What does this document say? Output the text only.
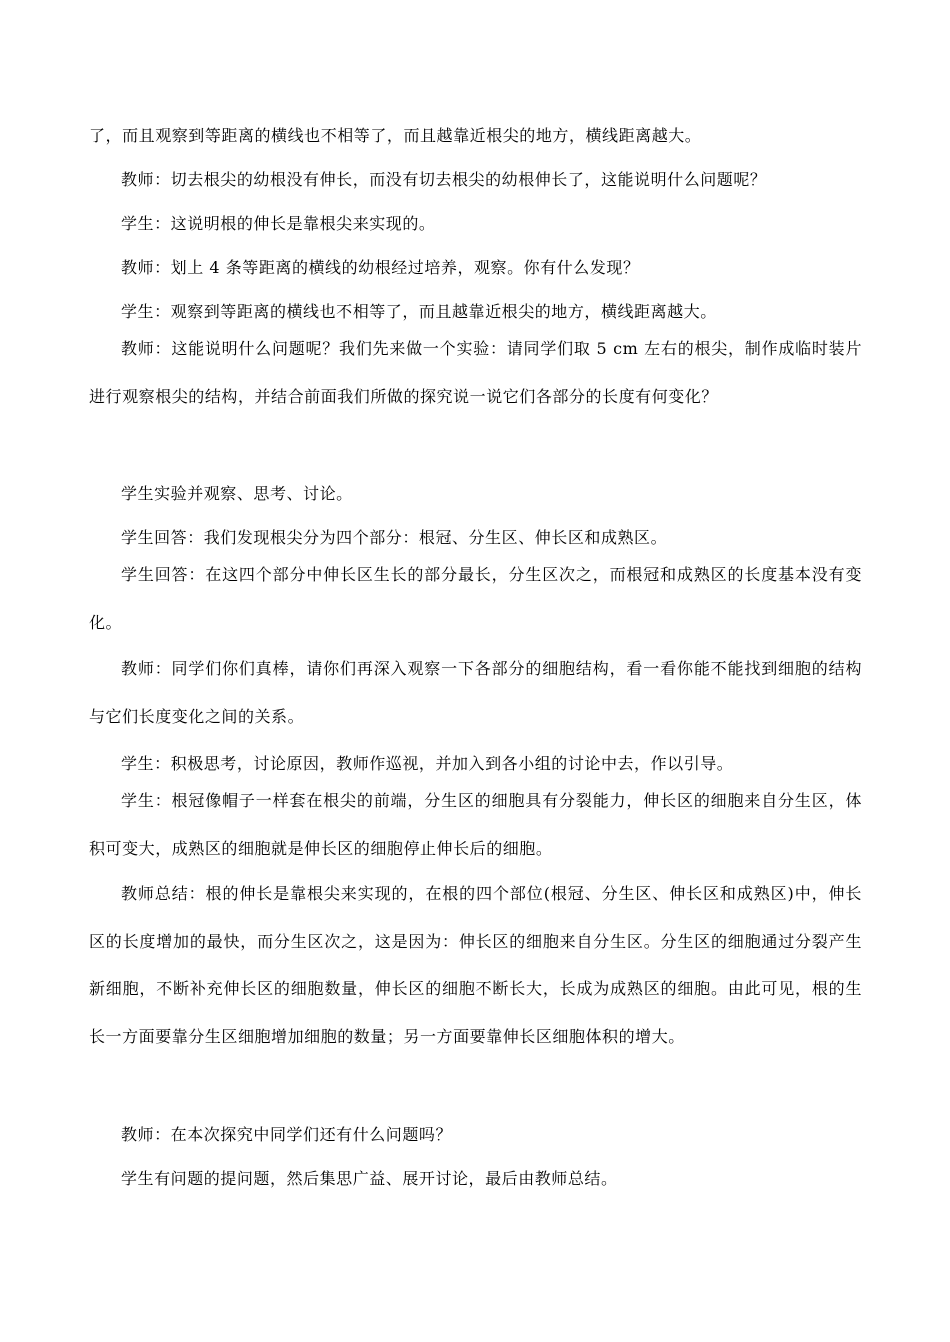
了，而且观察到等距离的横线也不相等了，而且越靠近根尖的地方，横线距离越大。

教师：切去根尖的幼根没有伸长，而没有切去根尖的幼根伸长了，这能说明什么问题呢？

学生：这说明根的伸长是靠根尖来实现的。

教师：划上 4 条等距离的横线的幼根经过培养，观察。你有什么发现？

学生：观察到等距离的横线也不相等了，而且越靠近根尖的地方，横线距离越大。

教师：这能说明什么问题呢？我们先来做一个实验：请同学们取 5 cm 左右的根尖，制作成临时装片进行观察根尖的结构，并结合前面我们所做的探究说一说它们各部分的长度有何变化？

学生实验并观察、思考、讨论。

学生回答：我们发现根尖分为四个部分：根冠、分生区、伸长区和成熟区。

学生回答：在这四个部分中伸长区生长的部分最长，分生区次之，而根冠和成熟区的长度基本没有变化。

教师：同学们你们真棒，请你们再深入观察一下各部分的细胞结构，看一看你能不能找到细胞的结构与它们长度变化之间的关系。

学生：积极思考，讨论原因，教师作巡视，并加入到各小组的讨论中去，作以引导。

学生：根冠像帽子一样套在根尖的前端，分生区的细胞具有分裂能力，伸长区的细胞来自分生区，体积可变大，成熟区的细胞就是伸长区的细胞停止伸长后的细胞。

教师总结：根的伸长是靠根尖来实现的，在根的四个部位(根冠、分生区、伸长区和成熟区)中，伸长区的长度增加的最快，而分生区次之，这是因为：伸长区的细胞来自分生区。分生区的细胞通过分裂产生新细胞，不断补充伸长区的细胞数量，伸长区的细胞不断长大，长成为成熟区的细胞。由此可见，根的生长一方面要靠分生区细胞增加细胞的数量；另一方面要靠伸长区细胞体积的增大。

教师：在本次探究中同学们还有什么问题吗？

学生有问题的提问题，然后集思广益、展开讨论，最后由教师总结。
